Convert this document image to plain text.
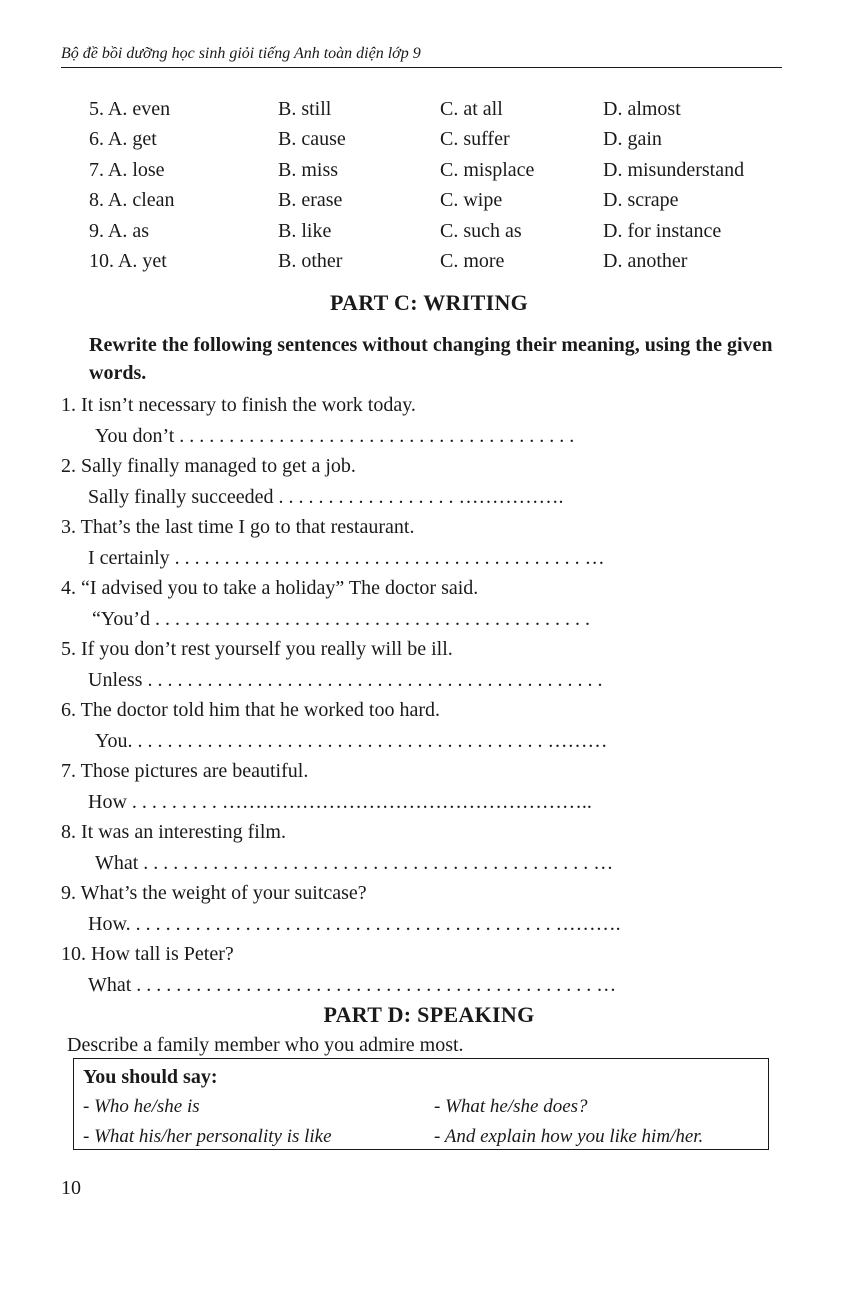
Bộ đề bồi dưỡng học sinh giỏi tiếng Anh toàn diện lớp 9
5. A. even	B. still	C. at all	D. almost
6. A. get	B. cause	C. suffer	D. gain
7. A. lose	B. miss	C. misplace	D. misunderstand
8. A. clean	B. erase	C. wipe	D. scrape
9. A. as	B. like	C. such as	D. for instance
10. A. yet	B. other	C. more	D. another
PART C: WRITING
Rewrite the following sentences without changing their meaning, using the given words.
1. It isn’t necessary to finish the work today.
You don’t . . . . . . . . . . . . . . . . . . . . . . . . . . . . . . . . . . . . . . . .
2. Sally finally managed to get a job.
Sally finally succeeded . . . . . . . . . . . . . . . . . . …………….
3. That’s the last time I go to that restaurant.
I certainly . . . . . . . . . . . . . . . . . . . . . . . . . . . . . . . . . . . . . . . . . …
4. “I advised you to take a holiday” The doctor said.
“You’d . . . . . . . . . . . . . . . . . . . . . . . . . . . . . . . . . . . . . . . . . . . .
5. If you don’t rest yourself you really will be ill.
Unless . . . . . . . . . . . . . . . . . . . . . . . . . . . . . . . . . . . . . . . . . . . . . .
6. The doctor told him that he worked too hard.
You. . . . . . . . . . . . . . . . . . . . . . . . . . . . . . . . . . . . . . . . . . ………
7. Those pictures are beautiful.
How . . . . . . . . . ………………………………………………..
8. It was an interesting film.
What . . . . . . . . . . . . . . . . . . . . . . . . . . . . . . . . . . . . . . . . . . . . . …
9. What’s the weight of your suitcase?
How. . . . . . . . . . . . . . . . . . . . . . . . . . . . . . . . . . . . . . . . . . . ……….
10. How tall is Peter?
What . . . . . . . . . . . . . . . . . . . . . . . . . . . . . . . . . . . . . . . . . . . . . . …
PART D: SPEAKING
Describe a family member who you admire most.
You should say:
- Who he/she is	- What he/she does?
- What his/her personality is like	- And explain how you like him/her.
10
